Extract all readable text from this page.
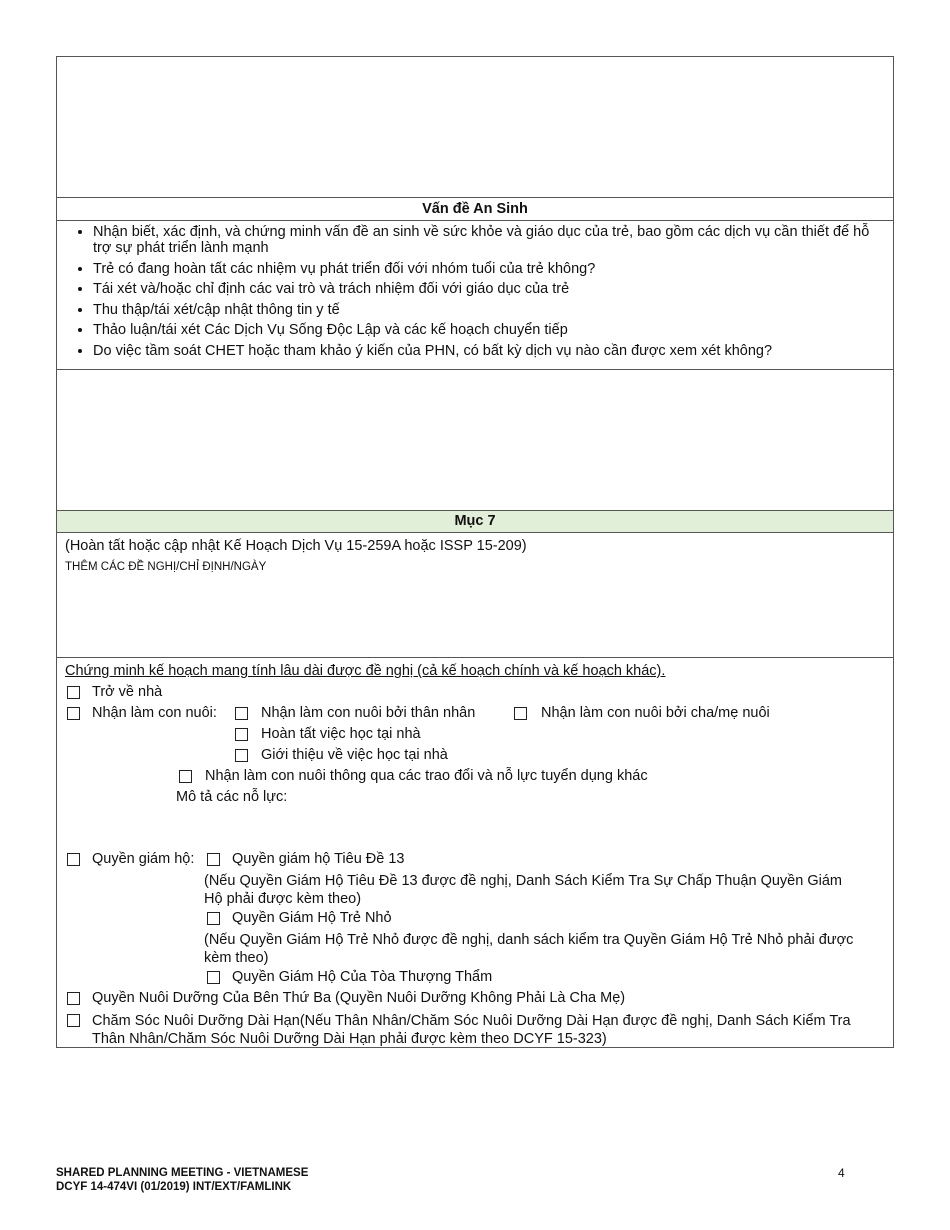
Vấn đề An Sinh
• Nhận biết, xác định, và chứng minh vấn đề an sinh về sức khỏe và giáo dục của trẻ, bao gồm các dịch vụ cần thiết để hỗ trợ sự phát triển lành mạnh
• Trẻ có đang hoàn tất các nhiệm vụ phát triển đối với nhóm tuổi của trẻ không?
• Tái xét và/hoặc chỉ định các vai trò và trách nhiệm đối với giáo dục của trẻ
• Thu thập/tái xét/cập nhật thông tin y tế
• Thảo luận/tái xét Các Dịch Vụ Sống Độc Lập và các kế hoạch chuyển tiếp
• Do việc tầm soát CHET hoặc tham khảo ý kiến của PHN, có bất kỳ dịch vụ nào cần được xem xét không?
Mục 7
(Hoàn tất hoặc cập nhật Kế Hoạch Dịch Vụ 15-259A hoặc ISSP 15-209)
THÊM CÁC ĐỀ NGHỊ/CHỈ ĐỊNH/NGÀY
Chứng minh kế hoạch mang tính lâu dài được đề nghị (cả kế hoạch chính và kế hoạch khác).
Trở về nhà
Nhận làm con nuôi:	Nhận làm con nuôi bởi thân nhân	Nhận làm con nuôi bởi cha/mẹ nuôi
Hoàn tất việc học tại nhà
Giới thiệu về việc học tại nhà
Nhận làm con nuôi thông qua các trao đổi và nỗ lực tuyển dụng khác
Mô tả các nỗ lực:
Quyền giám hộ:	Quyền giám hộ Tiêu Đề 13
(Nếu Quyền Giám Hộ Tiêu Đề 13 được đề nghị, Danh Sách Kiểm Tra Sự Chấp Thuận Quyền Giám Hộ phải được kèm theo)
Quyền Giám Hộ Trẻ Nhỏ
(Nếu Quyền Giám Hộ Trẻ Nhỏ được đề nghị, danh sách kiểm tra Quyền Giám Hộ Trẻ Nhỏ phải được kèm theo)
Quyền Giám Hộ Của Tòa Thượng Thẩm
Quyền Nuôi Dưỡng Của Bên Thứ Ba (Quyền Nuôi Dưỡng Không Phải Là Cha Mẹ)
Chăm Sóc Nuôi Dưỡng Dài Hạn(Nếu Thân Nhân/Chăm Sóc Nuôi Dưỡng Dài Hạn được đề nghị, Danh Sách Kiểm Tra Thân Nhân/Chăm Sóc Nuôi Dưỡng Dài Hạn phải được kèm theo DCYF 15-323)
SHARED PLANNING MEETING - VIETNAMESE
DCYF 14-474VI (01/2019) INT/EXT/FAMLINK
4
